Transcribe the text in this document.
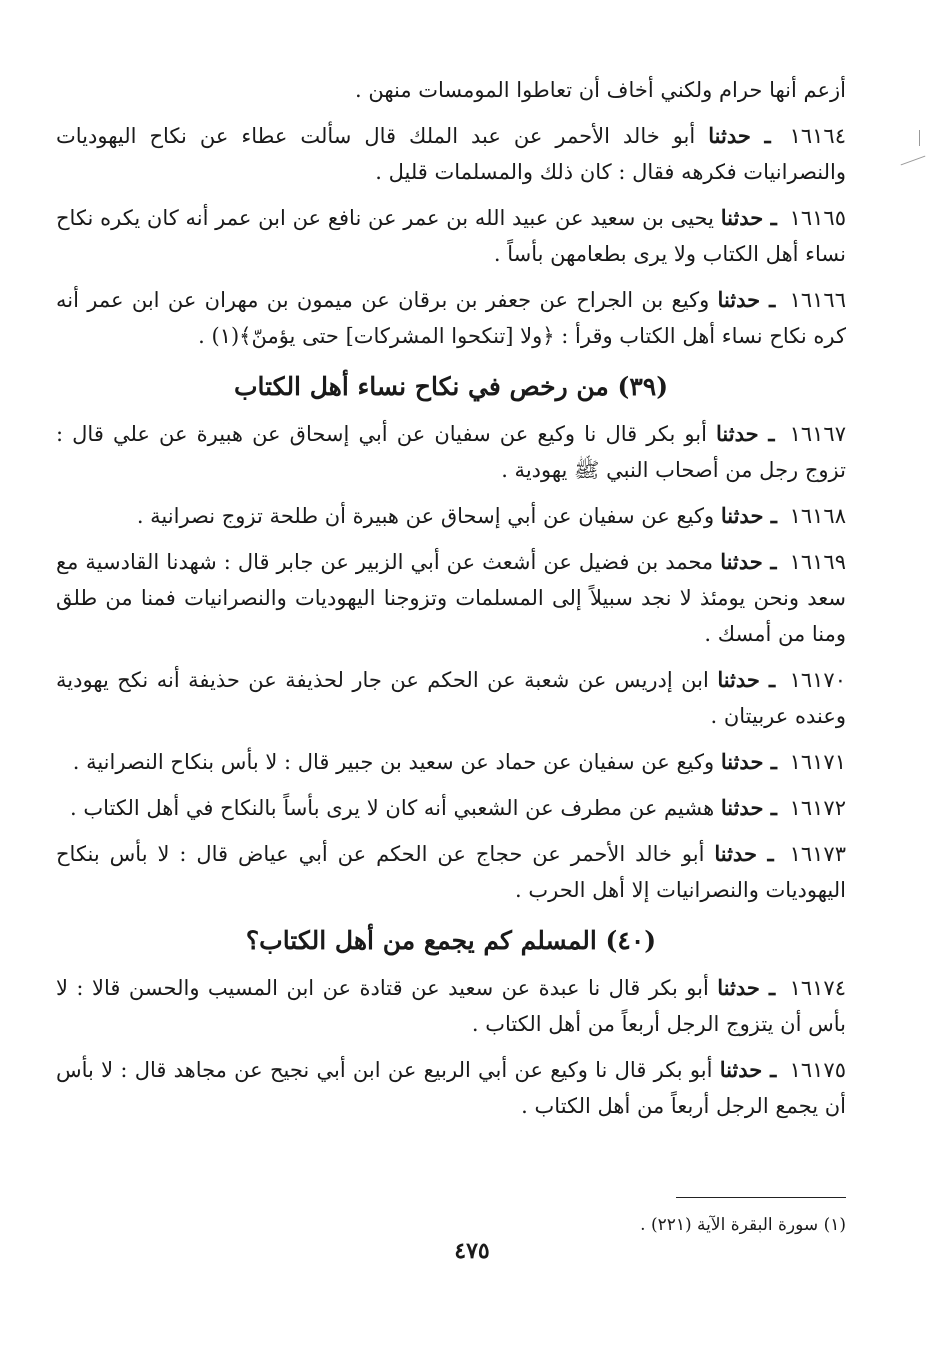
أزعم أنها حرام ولكني أخاف أن تعاطوا المومسات منهن .

١٦١٦٤ ـ حدثنا أبو خالد الأحمر عن عبد الملك قال سألت عطاء عن نكاح اليهوديات والنصرانيات فكرهه فقال : كان ذلك والمسلمات قليل .

١٦١٦٥ ـ حدثنا يحيى بن سعيد عن عبيد الله بن عمر عن نافع عن ابن عمر أنه كان يكره نكاح نساء أهل الكتاب ولا يرى بطعامهن بأساً .

١٦١٦٦ ـ حدثنا وكيع بن الجراح عن جعفر بن برقان عن ميمون بن مهران عن ابن عمر أنه كره نكاح نساء أهل الكتاب وقرأ : ﴿ولا [تنكحوا المشركات] حتى يؤمنّ﴾(١) .

(٣٩) من رخص في نكاح نساء أهل الكتاب

١٦١٦٧ ـ حدثنا أبو بكر قال نا وكيع عن سفيان عن أبي إسحاق عن هبيرة عن علي قال : تزوج رجل من أصحاب النبي ﷺ يهودية .

١٦١٦٨ ـ حدثنا وكيع عن سفيان عن أبي إسحاق عن هبيرة أن طلحة تزوج نصرانية .

١٦١٦٩ ـ حدثنا محمد بن فضيل عن أشعث عن أبي الزبير عن جابر قال : شهدنا القادسية مع سعد ونحن يومئذ لا نجد سبيلاً إلى المسلمات وتزوجنا اليهوديات والنصرانيات فمنا من طلق ومنا من أمسك .

١٦١٧٠ ـ حدثنا ابن إدريس عن شعبة عن الحكم عن جار لحذيفة عن حذيفة أنه نكح يهودية وعنده عربيتان .

١٦١٧١ ـ حدثنا وكيع عن سفيان عن حماد عن سعيد بن جبير قال : لا بأس بنكاح النصرانية .

١٦١٧٢ ـ حدثنا هشيم عن مطرف عن الشعبي أنه كان لا يرى بأساً بالنكاح في أهل الكتاب .

١٦١٧٣ ـ حدثنا أبو خالد الأحمر عن حجاج عن الحكم عن أبي عياض قال : لا بأس بنكاح اليهوديات والنصرانيات إلا أهل الحرب .

(٤٠) المسلم كم يجمع من أهل الكتاب؟

١٦١٧٤ ـ حدثنا أبو بكر قال نا عبدة عن سعيد عن قتادة عن ابن المسيب والحسن قالا : لا بأس أن يتزوج الرجل أربعاً من أهل الكتاب .

١٦١٧٥ ـ حدثنا أبو بكر قال نا وكيع عن أبي الربيع عن ابن أبي نجيح عن مجاهد قال : لا بأس أن يجمع الرجل أربعاً من أهل الكتاب .

(١) سورة البقرة الآية (٢٢١) .
٤٧٥
